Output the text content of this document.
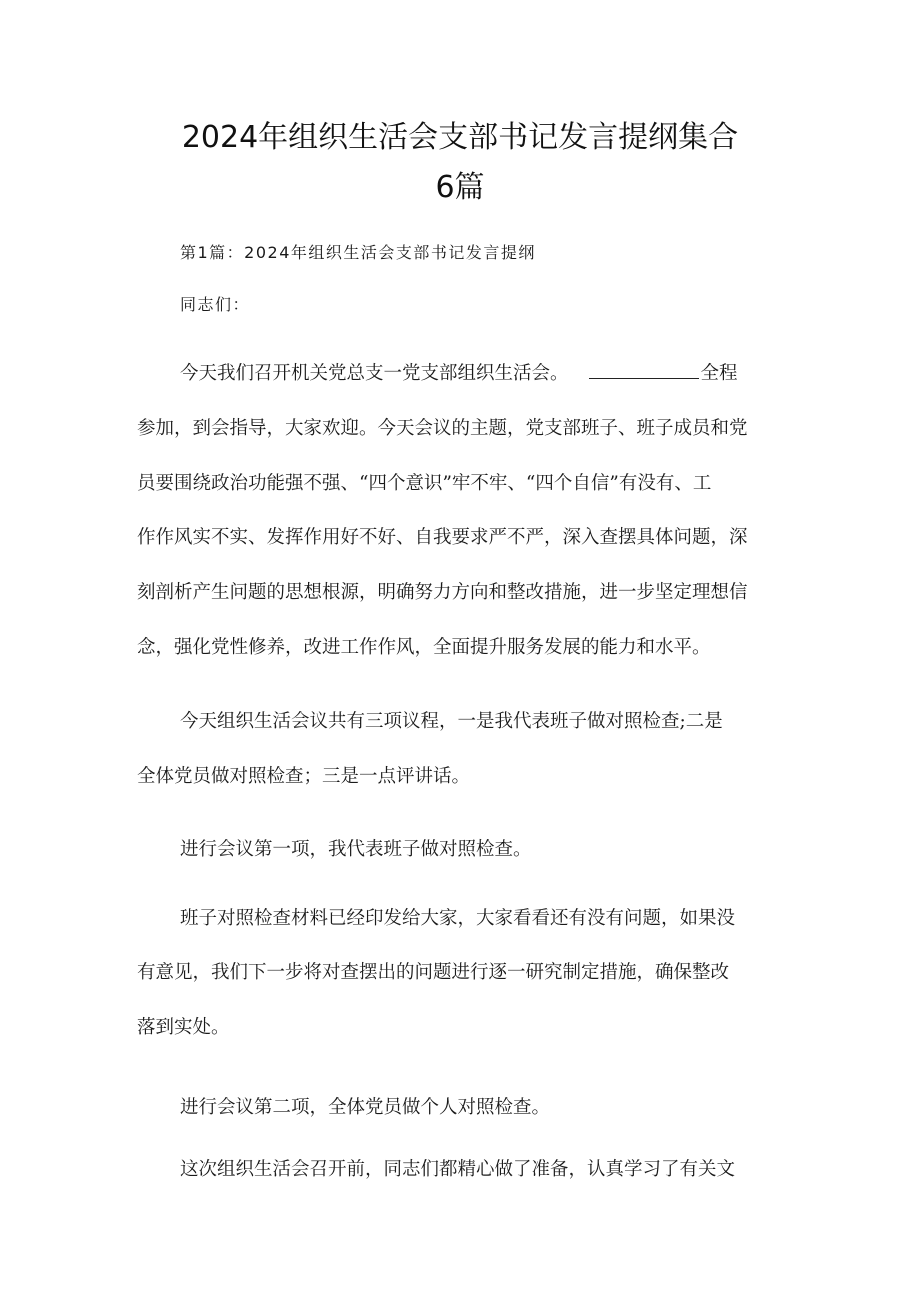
2024年组织生活会支部书记发言提纲集合
6篇
第1篇：2024年组织生活会支部书记发言提纲
同志们：
今天我们召开机关党总支一党支部组织生活会。	全程
参加，到会指导，大家欢迎。今天会议的主题，党支部班子、班子成员和党
员要围绕政治功能强不强、“四个意识”牢不牢、“四个自信”有没有、工
作作风实不实、发挥作用好不好、自我要求严不严，深入查摆具体问题，深
刻剖析产生问题的思想根源，明确努力方向和整改措施，进一步坚定理想信
念，强化党性修养，改进工作作风，全面提升服务发展的能力和水平。
今天组织生活会议共有三项议程，一是我代表班子做对照检查;二是
全体党员做对照检查；三是一点评讲话。
进行会议第一项，我代表班子做对照检查。
班子对照检查材料已经印发给大家，大家看看还有没有问题，如果没
有意见，我们下一步将对查摆出的问题进行逐一研究制定措施，确保整改
落到实处。
进行会议第二项，全体党员做个人对照检查。
这次组织生活会召开前，同志们都精心做了准备，认真学习了有关文
